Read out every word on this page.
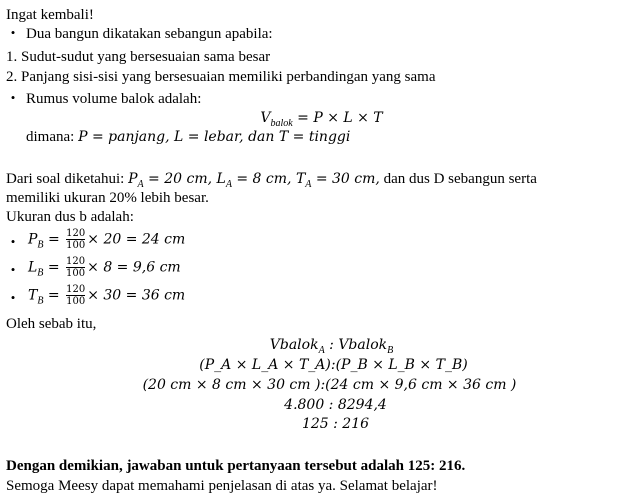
Ingat kembali!
Dua bangun dikatakan sebangun apabila:
•
1. Sudut-sudut yang bersesuaian sama besar
2. Panjang sisi-sisi yang bersesuaian memiliki perbandingan yang sama
• Rumus volume balok adalah:
$V_{balok} = P \times L \times T$
dimana: P = panjang, L = lebar, dan T = tinggi
Dari soal diketahui: $P_A = 20$ cm, $L_A = 8$ cm, $T_A = 30$ cm, dan dus D sebangun serta
memiliki ukuran 20% lebih besar.
Ukuran dus b adalah:
• $P_B = \frac{120}{100} \times 20 = 24$ cm
• $L_B = \frac{120}{100} \times 8 = 9,6$ cm
• $T_B = \frac{120}{100} \times 30 = 36$ cm
Oleh sebab itu,
Vbalok$_A$ : Vbalok$_B$
(P_A × L_A × T_A):(P_B × L_B × T_B)
(20 cm × 8 cm × 30 cm ):(24 cm × 9,6 cm × 36 cm )
4.800 : 8294,4
125 : 216
Dengan demikian, jawaban untuk pertanyaan tersebut adalah 125: 216.
Semoga Meesy dapat memahami penjelasan di atas ya. Selamat belajar!
